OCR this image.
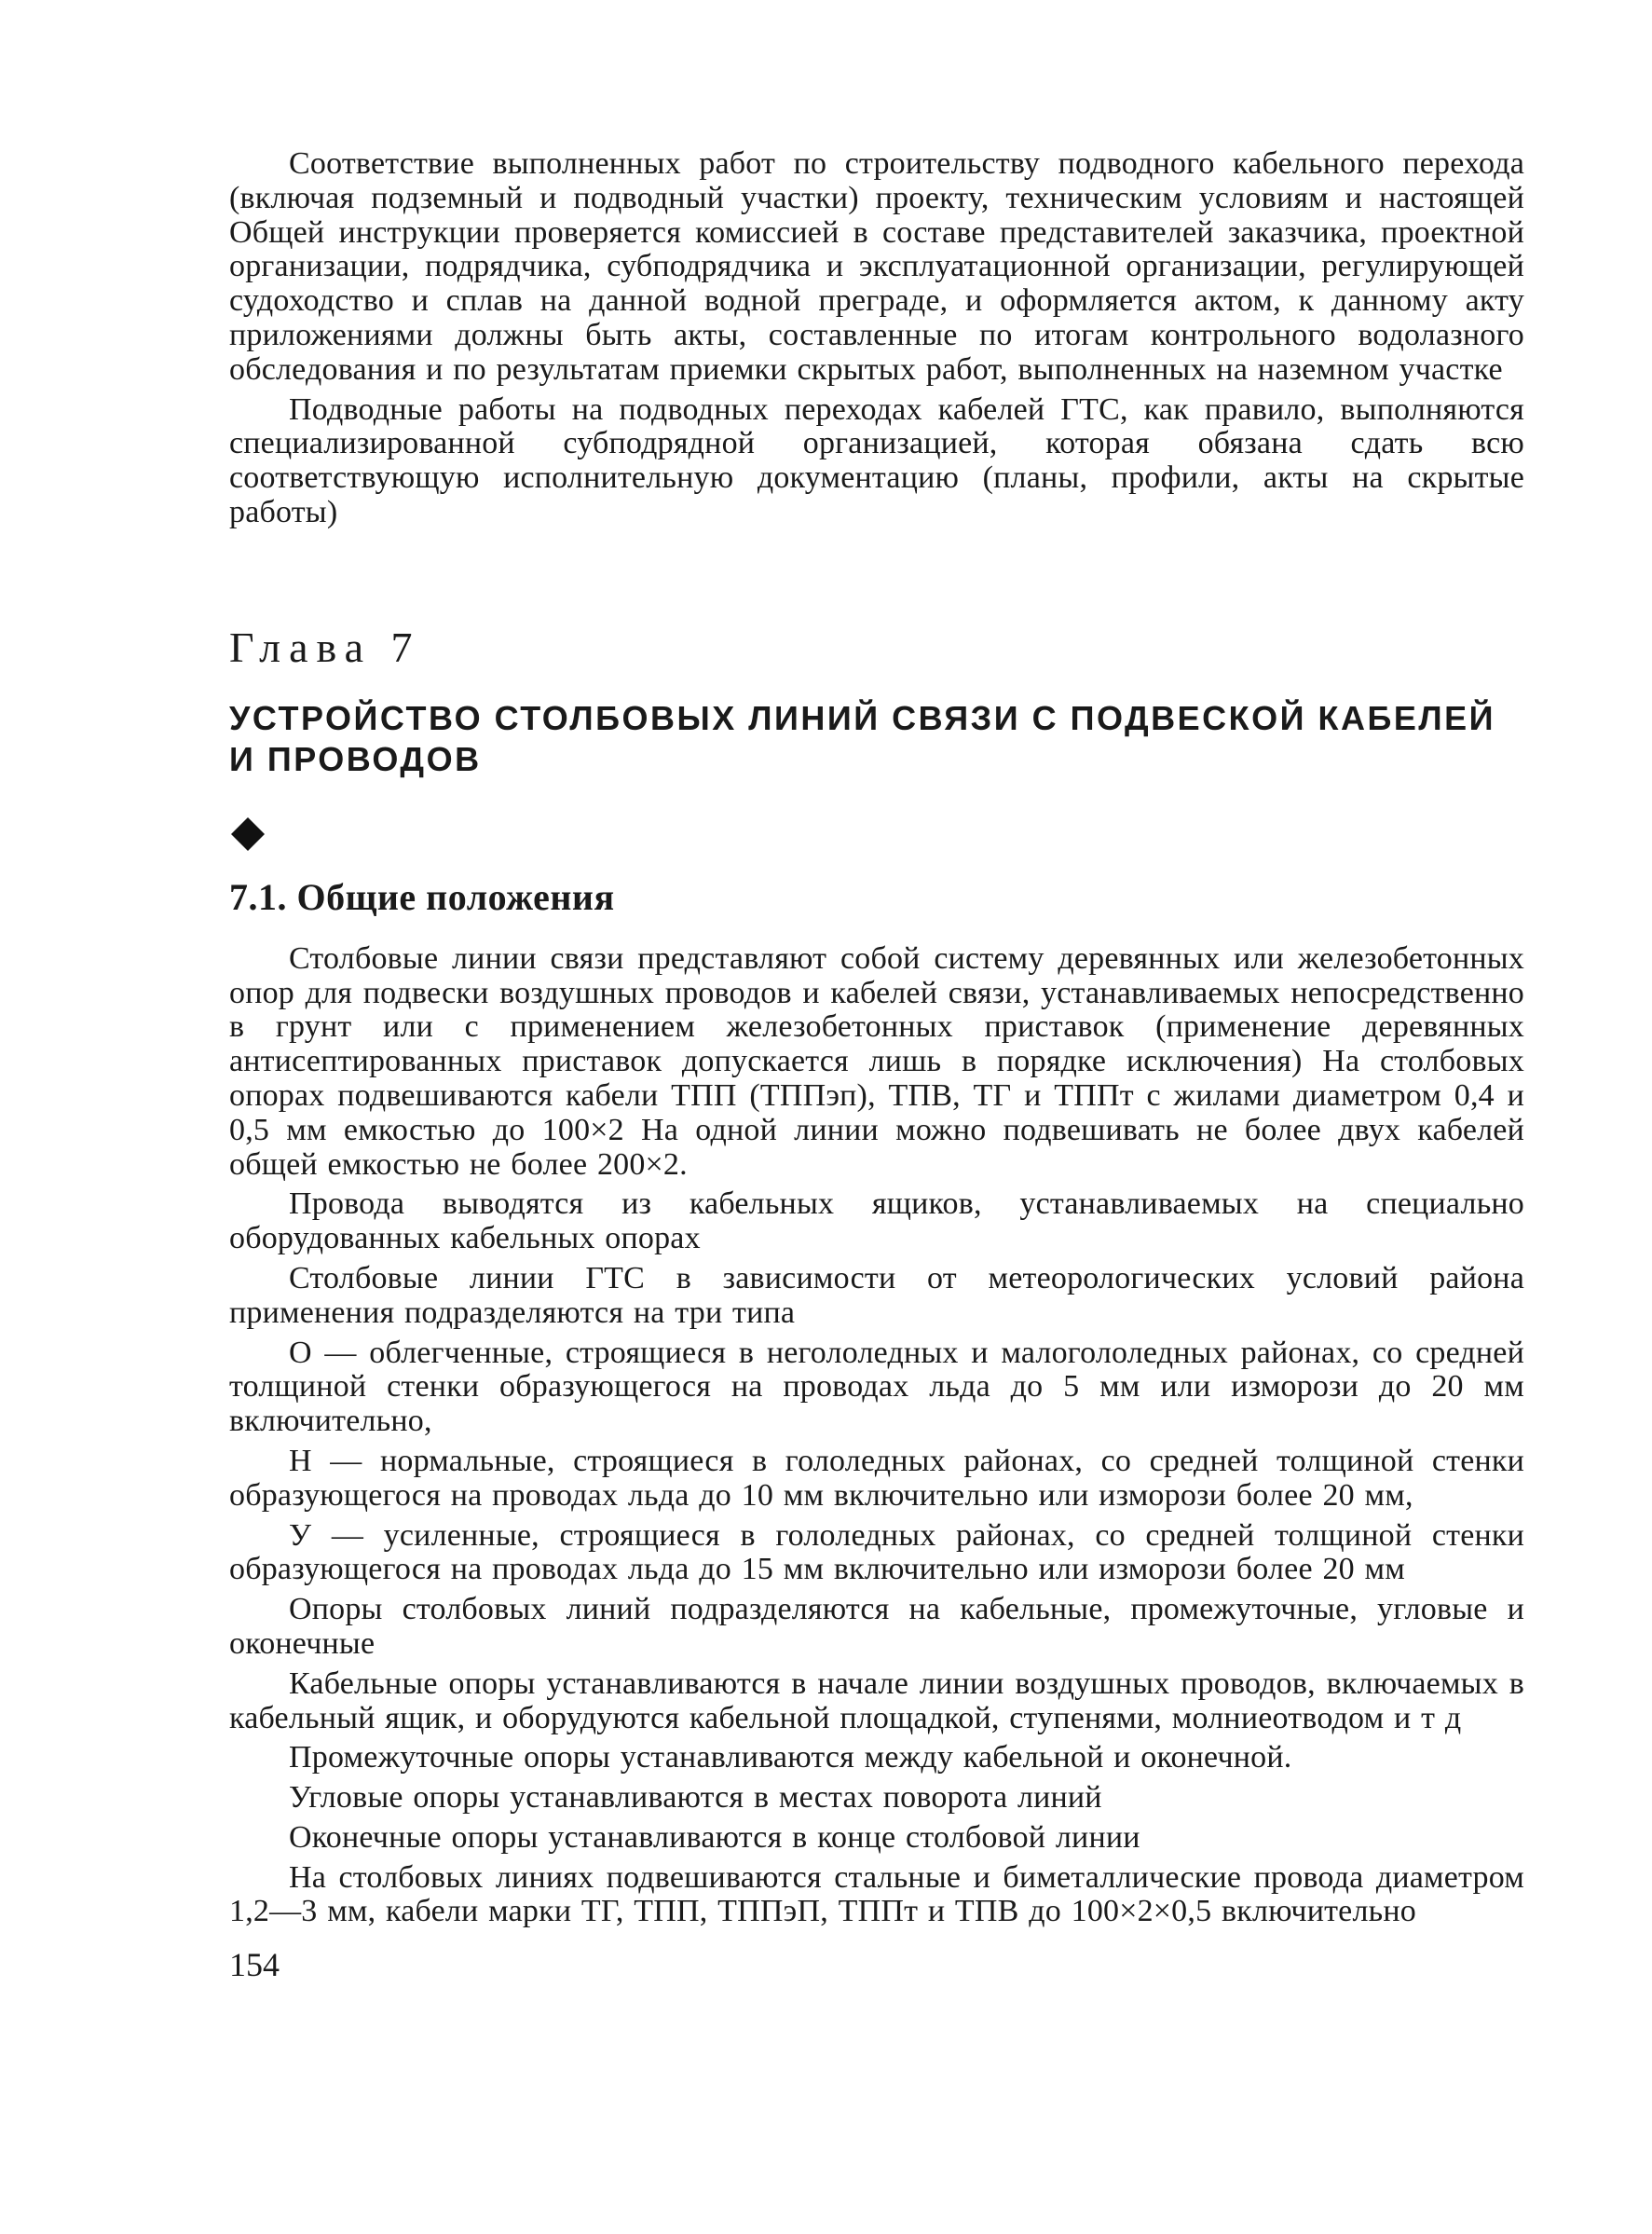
Соответствие выполненных работ по строительству подводного кабельного перехода (включая подземный и подводный участки) проекту, техническим условиям и настоящей Общей инструкции проверяется комиссией в составе представителей заказчика, проектной организации, подрядчика, субподрядчика и эксплуатационной организации, регулирующей судоходство и сплав на данной водной преграде, и оформляется актом, к данному акту приложениями должны быть акты, составленные по итогам контрольного водолазного обследования и по результатам приемки скрытых работ, выполненных на наземном участке

Подводные работы на подводных переходах кабелей ГТС, как правило, выполняются специализированной субподрядной организацией, которая обязана сдать всю соответствующую исполнительную документацию (планы, профили, акты на скрытые работы)

Глава 7
УСТРОЙСТВО СТОЛБОВЫХ ЛИНИЙ СВЯЗИ С ПОДВЕСКОЙ КАБЕЛЕЙ
И ПРОВОДОВ
7.1. Общие положения

Столбовые линии связи представляют собой систему деревянных или железобетонных опор для подвески воздушных проводов и кабелей связи, устанавливаемых непосредственно в грунт или с применением железобетонных приставок (применение деревянных антисептированных приставок допускается лишь в порядке исключения) На столбовых опорах подвешиваются кабели ТПП (ТППэп), ТПВ, ТГ и ТППт с жилами диаметром 0,4 и 0,5 мм емкостью до 100×2 На одной линии можно подвешивать не более двух кабелей общей емкостью не более 200×2.

Провода выводятся из кабельных ящиков, устанавливаемых на специально оборудованных кабельных опорах

Столбовые линии ГТС в зависимости от метеорологических условий района применения подразделяются на три типа

О — облегченные, строящиеся в негололедных и малогололедных районах, со средней толщиной стенки образующегося на проводах льда до 5 мм или изморози до 20 мм включительно,

Н — нормальные, строящиеся в гололедных районах, со средней толщиной стенки образующегося на проводах льда до 10 мм включительно или изморози более 20 мм,

У — усиленные, строящиеся в гололедных районах, со средней толщиной стенки образующегося на проводах льда до 15 мм включительно или изморози более 20 мм

Опоры столбовых линий подразделяются на кабельные, промежуточные, угловые и оконечные

Кабельные опоры устанавливаются в начале линии воздушных проводов, включаемых в кабельный ящик, и оборудуются кабельной площадкой, ступенями, молниеотводом и т д

Промежуточные опоры устанавливаются между кабельной и оконечной.

Угловые опоры устанавливаются в местах поворота линий

Оконечные опоры устанавливаются в конце столбовой линии

На столбовых линиях подвешиваются стальные и биметаллические провода диаметром 1,2—3 мм, кабели марки ТГ, ТПП, ТППэП, ТППт и ТПВ до 100×2×0,5 включительно

154
